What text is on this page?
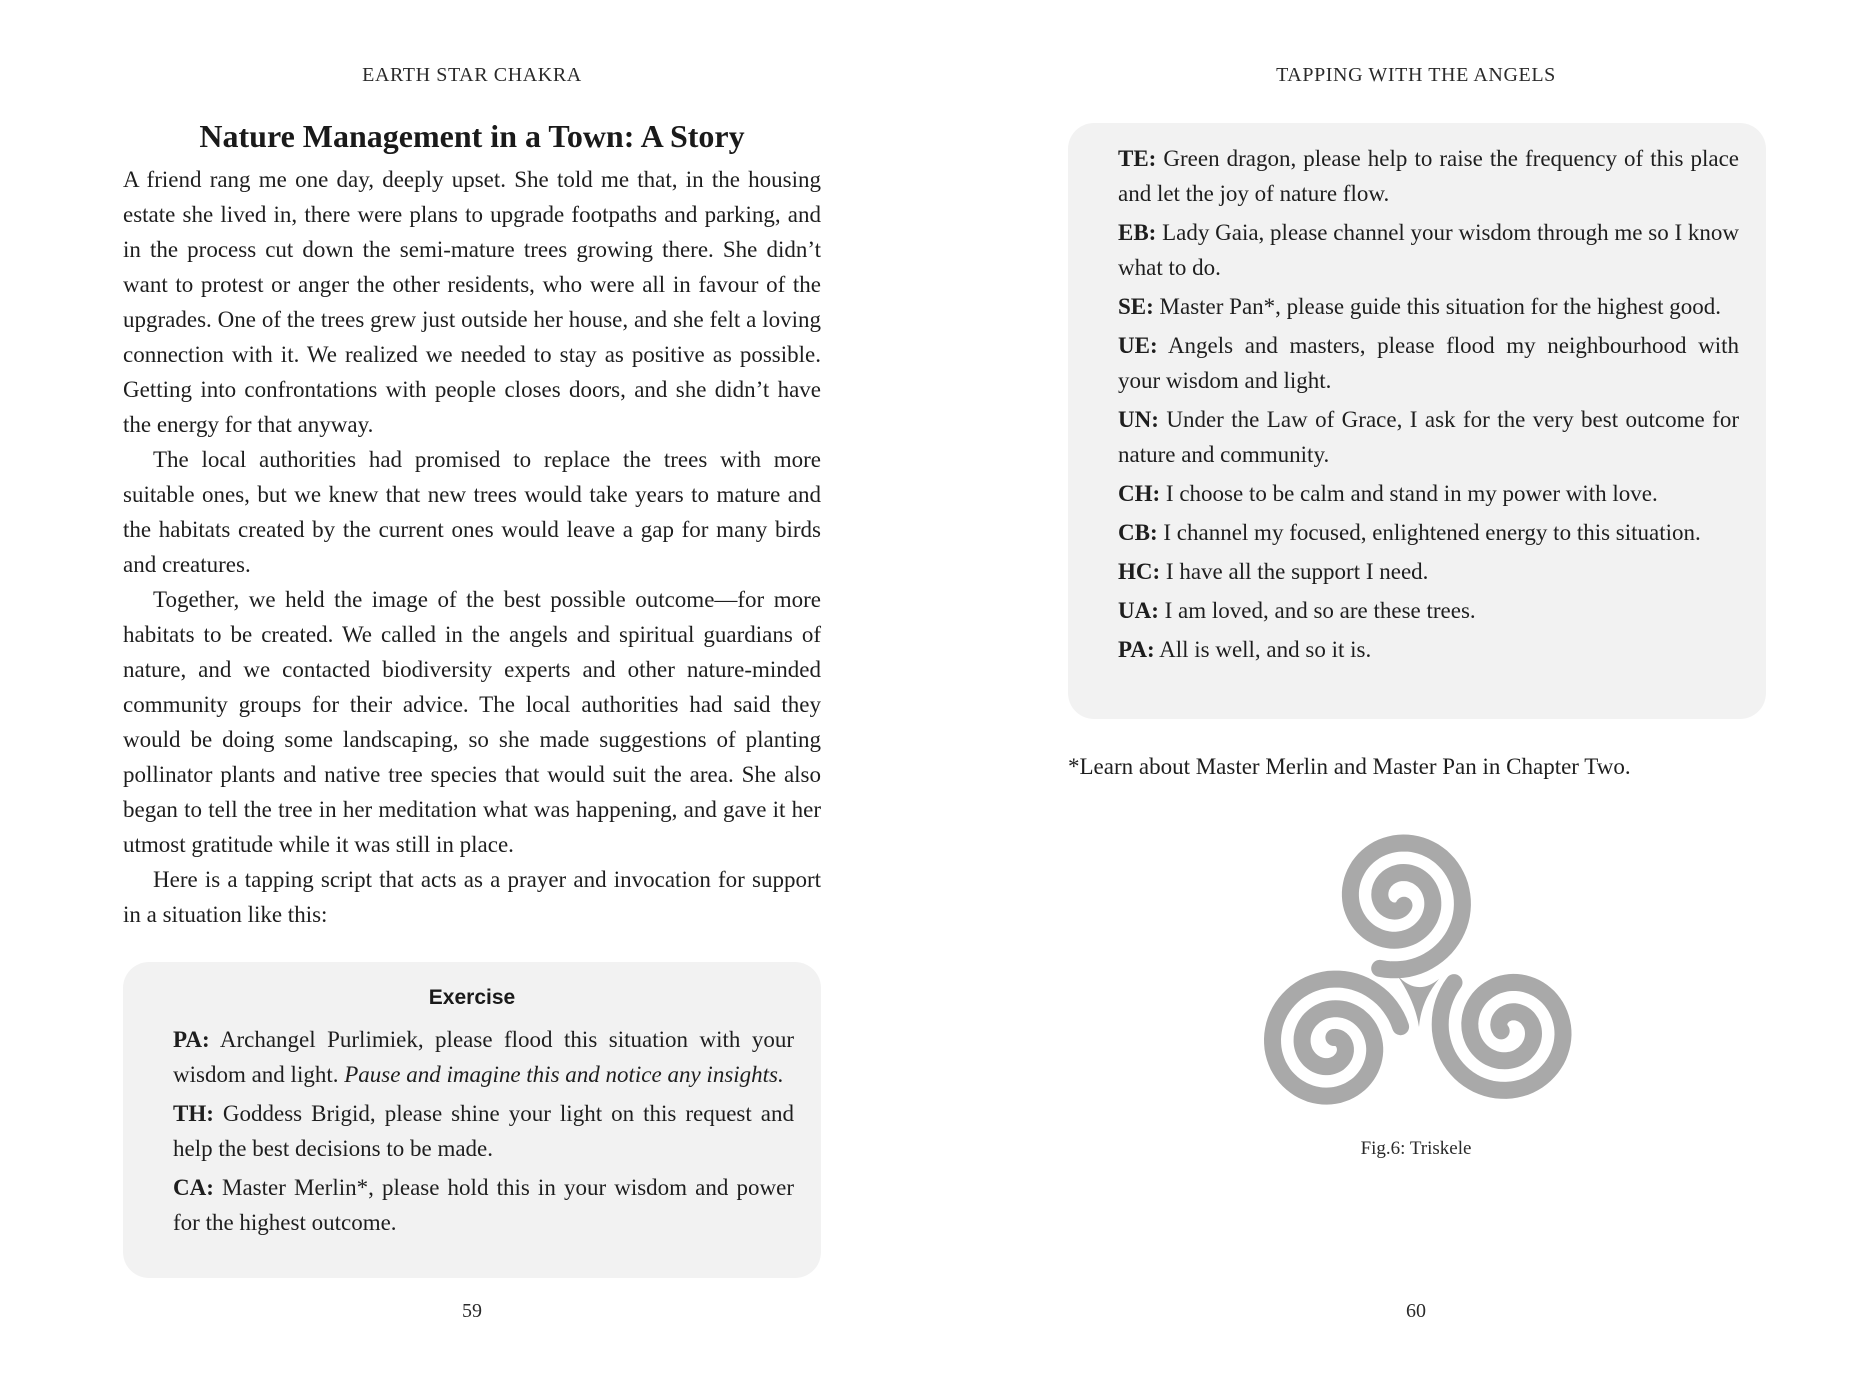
EARTH STAR CHAKRA
Nature Management in a Town: A Story

A friend rang me one day, deeply upset. She told me that, in the housing estate she lived in, there were plans to upgrade footpaths and parking, and in the process cut down the semi-mature trees growing there. She didn’t want to protest or anger the other residents, who were all in favour of the upgrades. One of the trees grew just outside her house, and she felt a loving connection with it. We realized we needed to stay as positive as possible. Getting into confrontations with people closes doors, and she didn’t have the energy for that anyway.

The local authorities had promised to replace the trees with more suitable ones, but we knew that new trees would take years to mature and the habitats created by the current ones would leave a gap for many birds and creatures.

Together, we held the image of the best possible outcome—for more habitats to be created. We called in the angels and spiritual guardians of nature, and we contacted biodiversity experts and other nature-minded community groups for their advice. The local authorities had said they would be doing some landscaping, so she made suggestions of planting pollinator plants and native tree species that would suit the area. She also began to tell the tree in her meditation what was happening, and gave it her utmost gratitude while it was still in place.

Here is a tapping script that acts as a prayer and invocation for support in a situation like this:

Exercise

PA: Archangel Purlimiek, please flood this situation with your wisdom and light. Pause and imagine this and notice any insights.

TH: Goddess Brigid, please shine your light on this request and help the best decisions to be made.

CA: Master Merlin*, please hold this in your wisdom and power for the highest outcome.

59
TAPPING WITH THE ANGELS

TE: Green dragon, please help to raise the frequency of this place and let the joy of nature flow.

EB: Lady Gaia, please channel your wisdom through me so I know what to do.

SE: Master Pan*, please guide this situation for the highest good.

UE: Angels and masters, please flood my neighbourhood with your wisdom and light.

UN: Under the Law of Grace, I ask for the very best outcome for nature and community.

CH: I choose to be calm and stand in my power with love.

CB: I channel my focused, enlightened energy to this situation.

HC: I have all the support I need.

UA: I am loved, and so are these trees.

PA: All is well, and so it is.

*Learn about Master Merlin and Master Pan in Chapter Two.
Fig.6: Triskele
60
